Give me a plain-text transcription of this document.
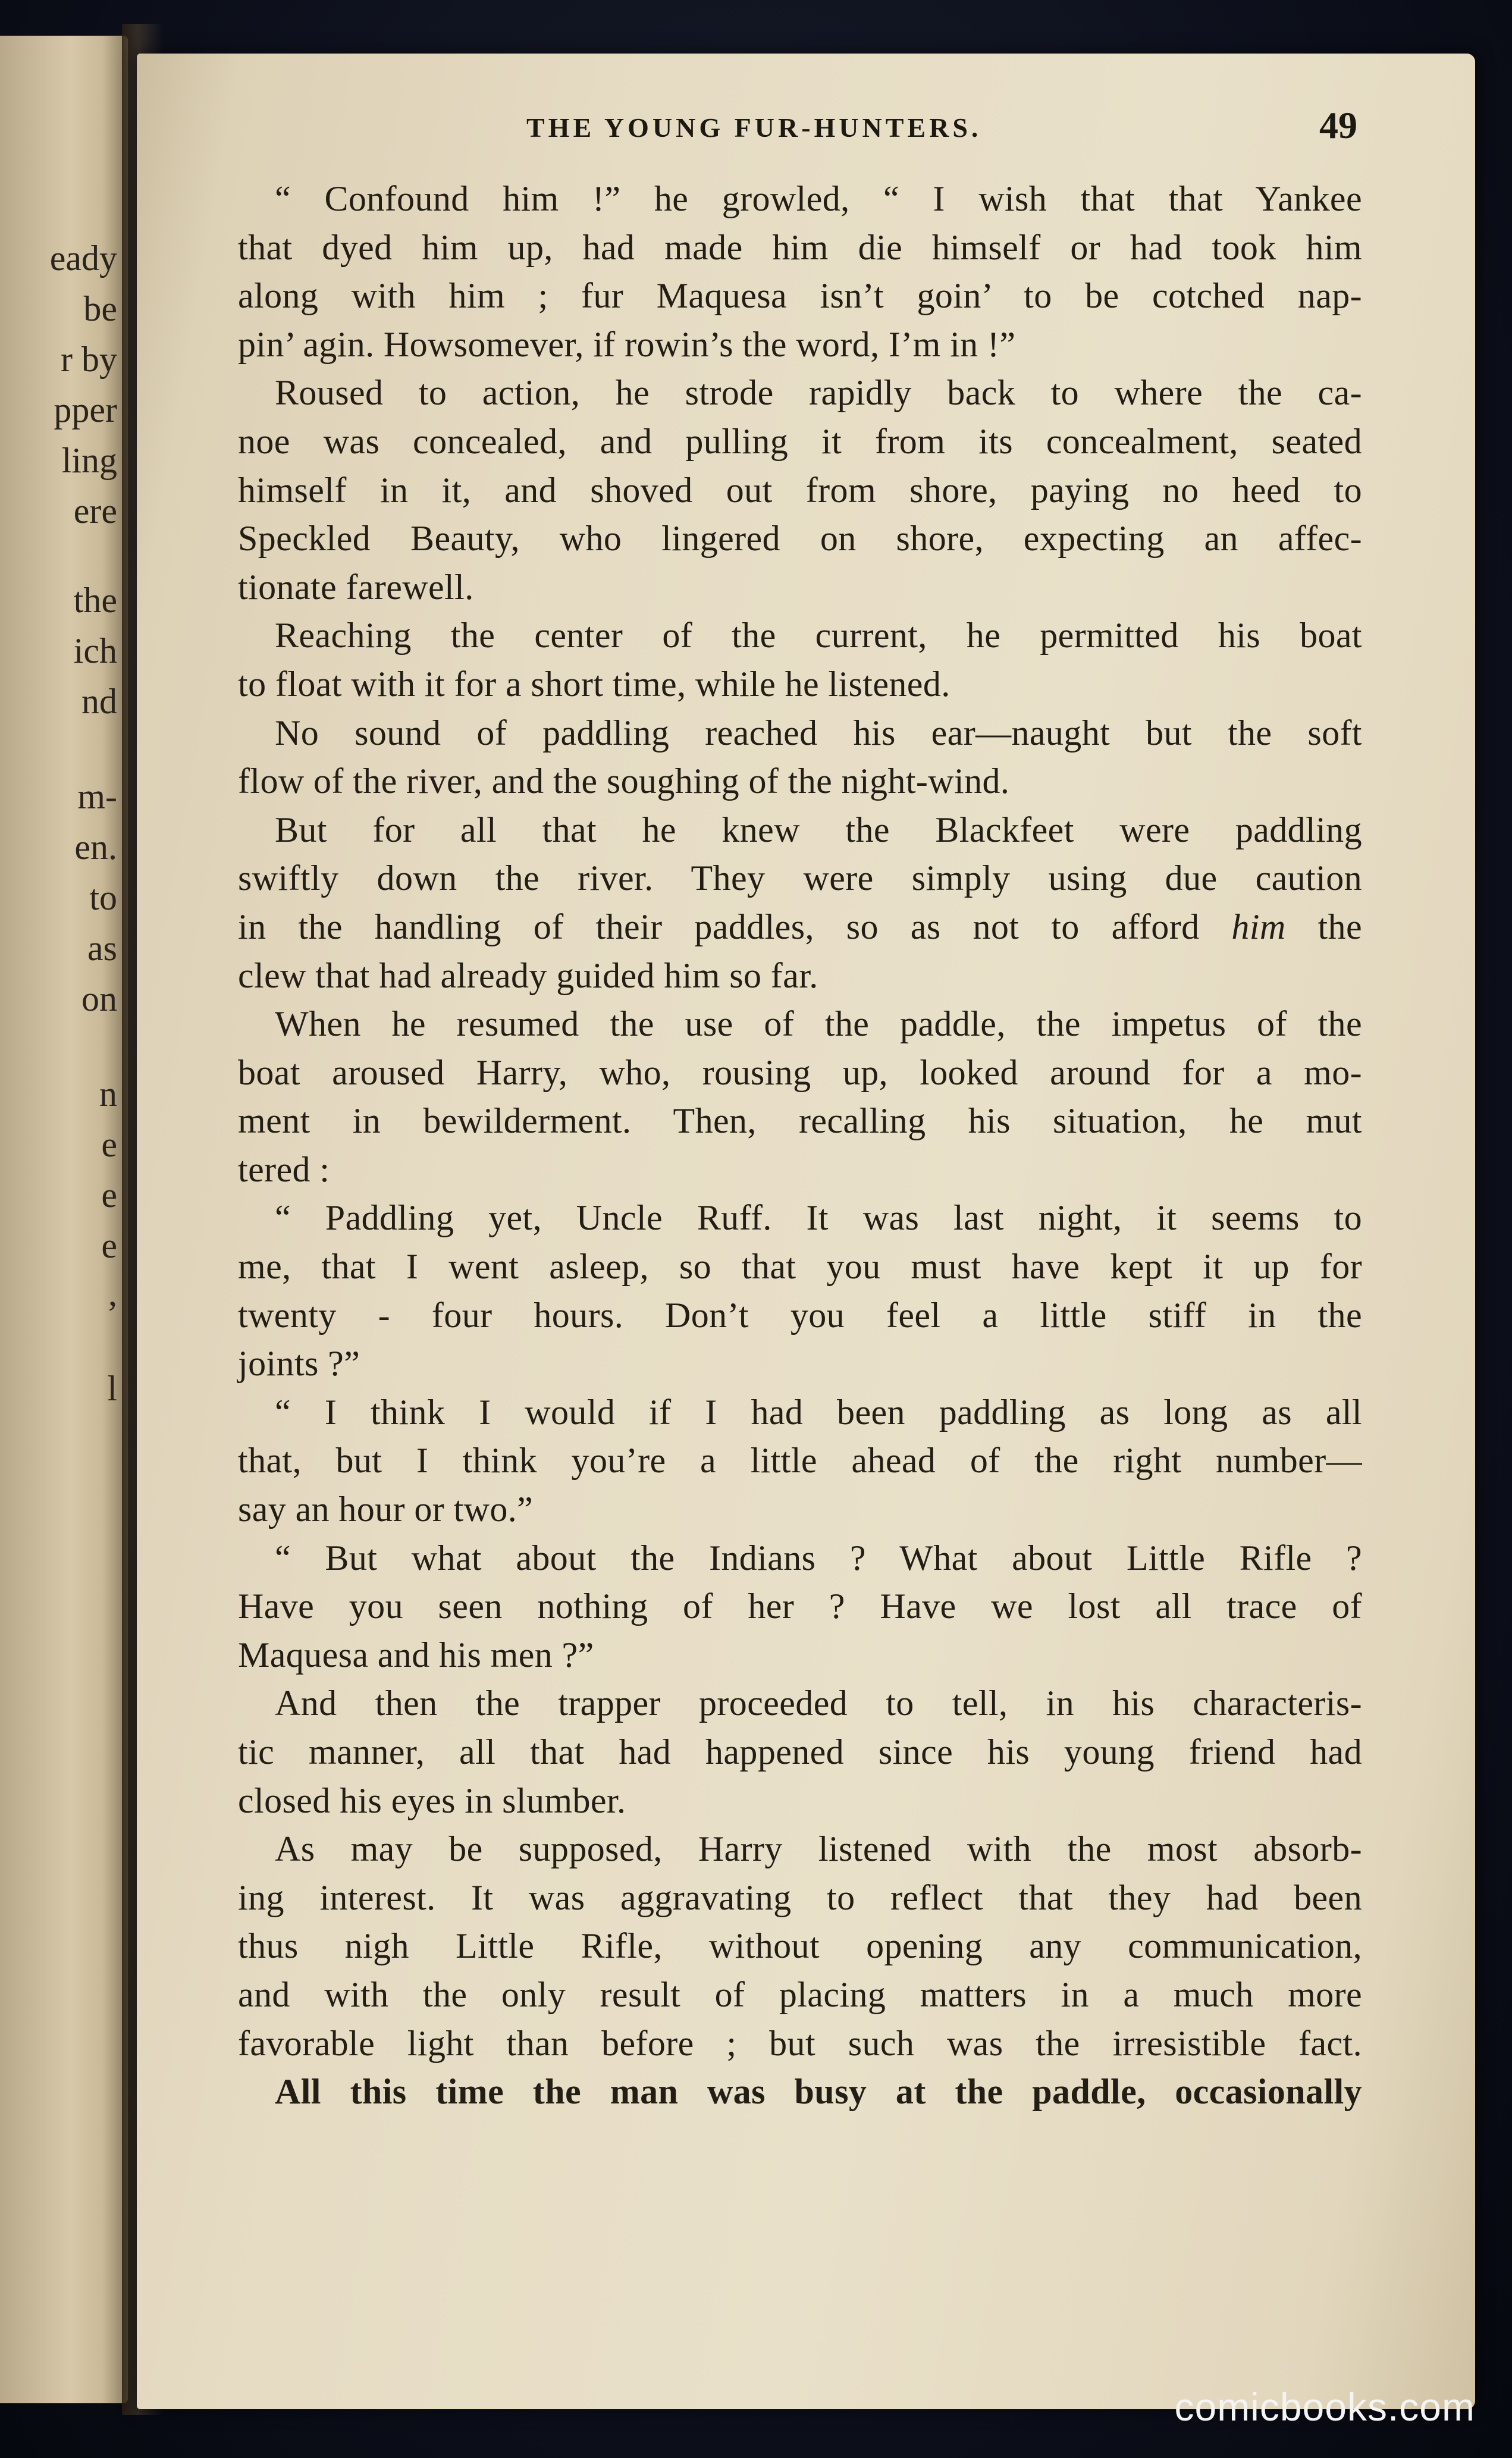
eady
be
r by
pper
ling
ere
the
ich
nd
m-
en.
to
as
on
n
e
e
e
,
l
THE YOUNG FUR-HUNTERS.	49
“ Confound him !” he growled, “ I wish that that Yankee
that dyed him up, had made him die himself or had took him
along with him ; fur Maquesa isn’t goin’ to be cotched nap-
pin’ agin. Howsomever, if rowin’s the word, I’m in !”
Roused to action, he strode rapidly back to where the ca-
noe was concealed, and pulling it from its concealment, seated
himself in it, and shoved out from shore, paying no heed to
Speckled Beauty, who lingered on shore, expecting an affec-
tionate farewell.
Reaching the center of the current, he permitted his boat
to float with it for a short time, while he listened.
No sound of paddling reached his ear—naught but the soft
flow of the river, and the soughing of the night-wind.
But for all that he knew the Blackfeet were paddling
swiftly down the river. They were simply using due caution
in the handling of their paddles, so as not to afford him the
clew that had already guided him so far.
When he resumed the use of the paddle, the impetus of the
boat aroused Harry, who, rousing up, looked around for a mo-
ment in bewilderment. Then, recalling his situation, he mut
tered :
“ Paddling yet, Uncle Ruff. It was last night, it seems to
me, that I went asleep, so that you must have kept it up for
twenty - four hours. Don’t you feel a little stiff in the
joints ?”
“ I think I would if I had been paddling as long as all
that, but I think you’re a little ahead of the right number—
say an hour or two.”
“ But what about the Indians ? What about Little Rifle ?
Have you seen nothing of her ? Have we lost all trace of
Maquesa and his men ?”
And then the trapper proceeded to tell, in his characteris-
tic manner, all that had happened since his young friend had
closed his eyes in slumber.
As may be supposed, Harry listened with the most absorb-
ing interest. It was aggravating to reflect that they had been
thus nigh Little Rifle, without opening any communication,
and with the only result of placing matters in a much more
favorable light than before ; but such was the irresistible fact.
All this time the man was busy at the paddle, occasionally
comicbooks.com
